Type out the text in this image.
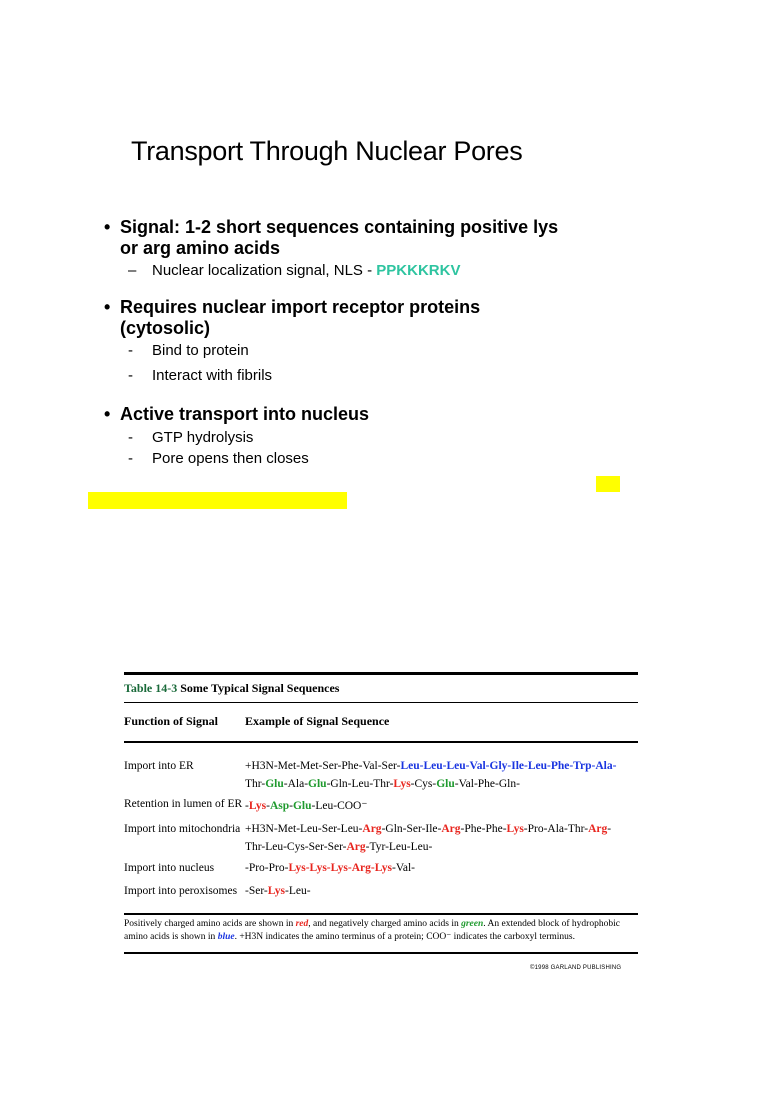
Transport Through Nuclear Pores
• Signal: 1-2 short sequences containing positive lys or arg amino acids
– Nuclear localization signal, NLS - PPKKKRKV
• Requires nuclear import receptor proteins (cytosolic)
- Bind to protein
- Interact with fibrils
• Active transport into nucleus
- GTP hydrolysis
- Pore opens then closes
Table 14-3 Some Typical Signal Sequences
Function of Signal Example of Signal Sequence
Import into ER	+H3N-Met-Met-Ser-Phe-Val-Ser-Leu-Leu-Leu-Val-Gly-Ile-Leu-Phe-Trp-Ala-
Thr-Glu-Ala-Glu-Gln-Leu-Thr-Lys-Cys-Glu-Val-Phe-Gln-
Retention in lumen of ER -Lys-Asp-Glu-Leu-COO⁻
Import into mitochondria +H3N-Met-Leu-Ser-Leu-Arg-Gln-Ser-Ile-Arg-Phe-Phe-Lys-Pro-Ala-Thr-Arg-
Thr-Leu-Cys-Ser-Ser-Arg-Tyr-Leu-Leu-
Import into nucleus	-Pro-Pro-Lys-Lys-Lys-Arg-Lys-Val-
Import into peroxisomes -Ser-Lys-Leu-
Positively charged amino acids are shown in red, and negatively charged amino acids in green. An extended block of hydrophobic amino acids is shown in blue. +H3N indicates the amino terminus of a protein; COO⁻ indicates the carboxyl terminus.
©1998 GARLAND PUBLISHING
